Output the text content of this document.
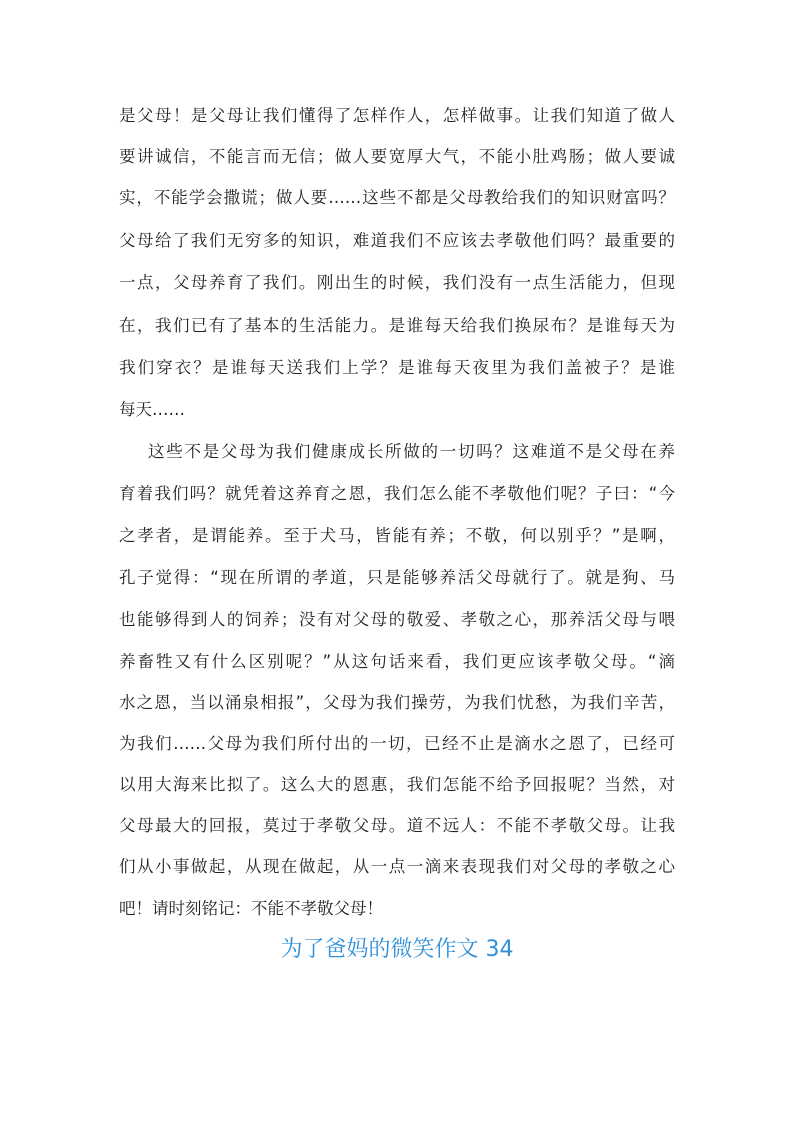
是父母！是父母让我们懂得了怎样作人，怎样做事。让我们知道了做人
要讲诚信，不能言而无信；做人要宽厚大气，不能小肚鸡肠；做人要诚
实，不能学会撒谎；做人要……这些不都是父母教给我们的知识财富吗？
父母给了我们无穷多的知识，难道我们不应该去孝敬他们吗？最重要的
一点，父母养育了我们。刚出生的时候，我们没有一点生活能力，但现
在，我们已有了基本的生活能力。是谁每天给我们换尿布？是谁每天为
我们穿衣？是谁每天送我们上学？是谁每天夜里为我们盖被子？是谁
每天……
这些不是父母为我们健康成长所做的一切吗？这难道不是父母在养
育着我们吗？就凭着这养育之恩，我们怎么能不孝敬他们呢？子曰：“今
之孝者，是谓能养。至于犬马，皆能有养；不敬，何以别乎？”是啊，
孔子觉得：“现在所谓的孝道，只是能够养活父母就行了。就是狗、马
也能够得到人的饲养；没有对父母的敬爱、孝敬之心，那养活父母与喂
养畜牲又有什么区别呢？”从这句话来看，我们更应该孝敬父母。“滴
水之恩，当以涌泉相报”，父母为我们操劳，为我们忧愁，为我们辛苦，
为我们……父母为我们所付出的一切，已经不止是滴水之恩了，已经可
以用大海来比拟了。这么大的恩惠，我们怎能不给予回报呢？当然，对
父母最大的回报，莫过于孝敬父母。道不远人：不能不孝敬父母。让我
们从小事做起，从现在做起，从一点一滴来表现我们对父母的孝敬之心
吧！请时刻铭记：不能不孝敬父母！
为了爸妈的微笑作文 34
